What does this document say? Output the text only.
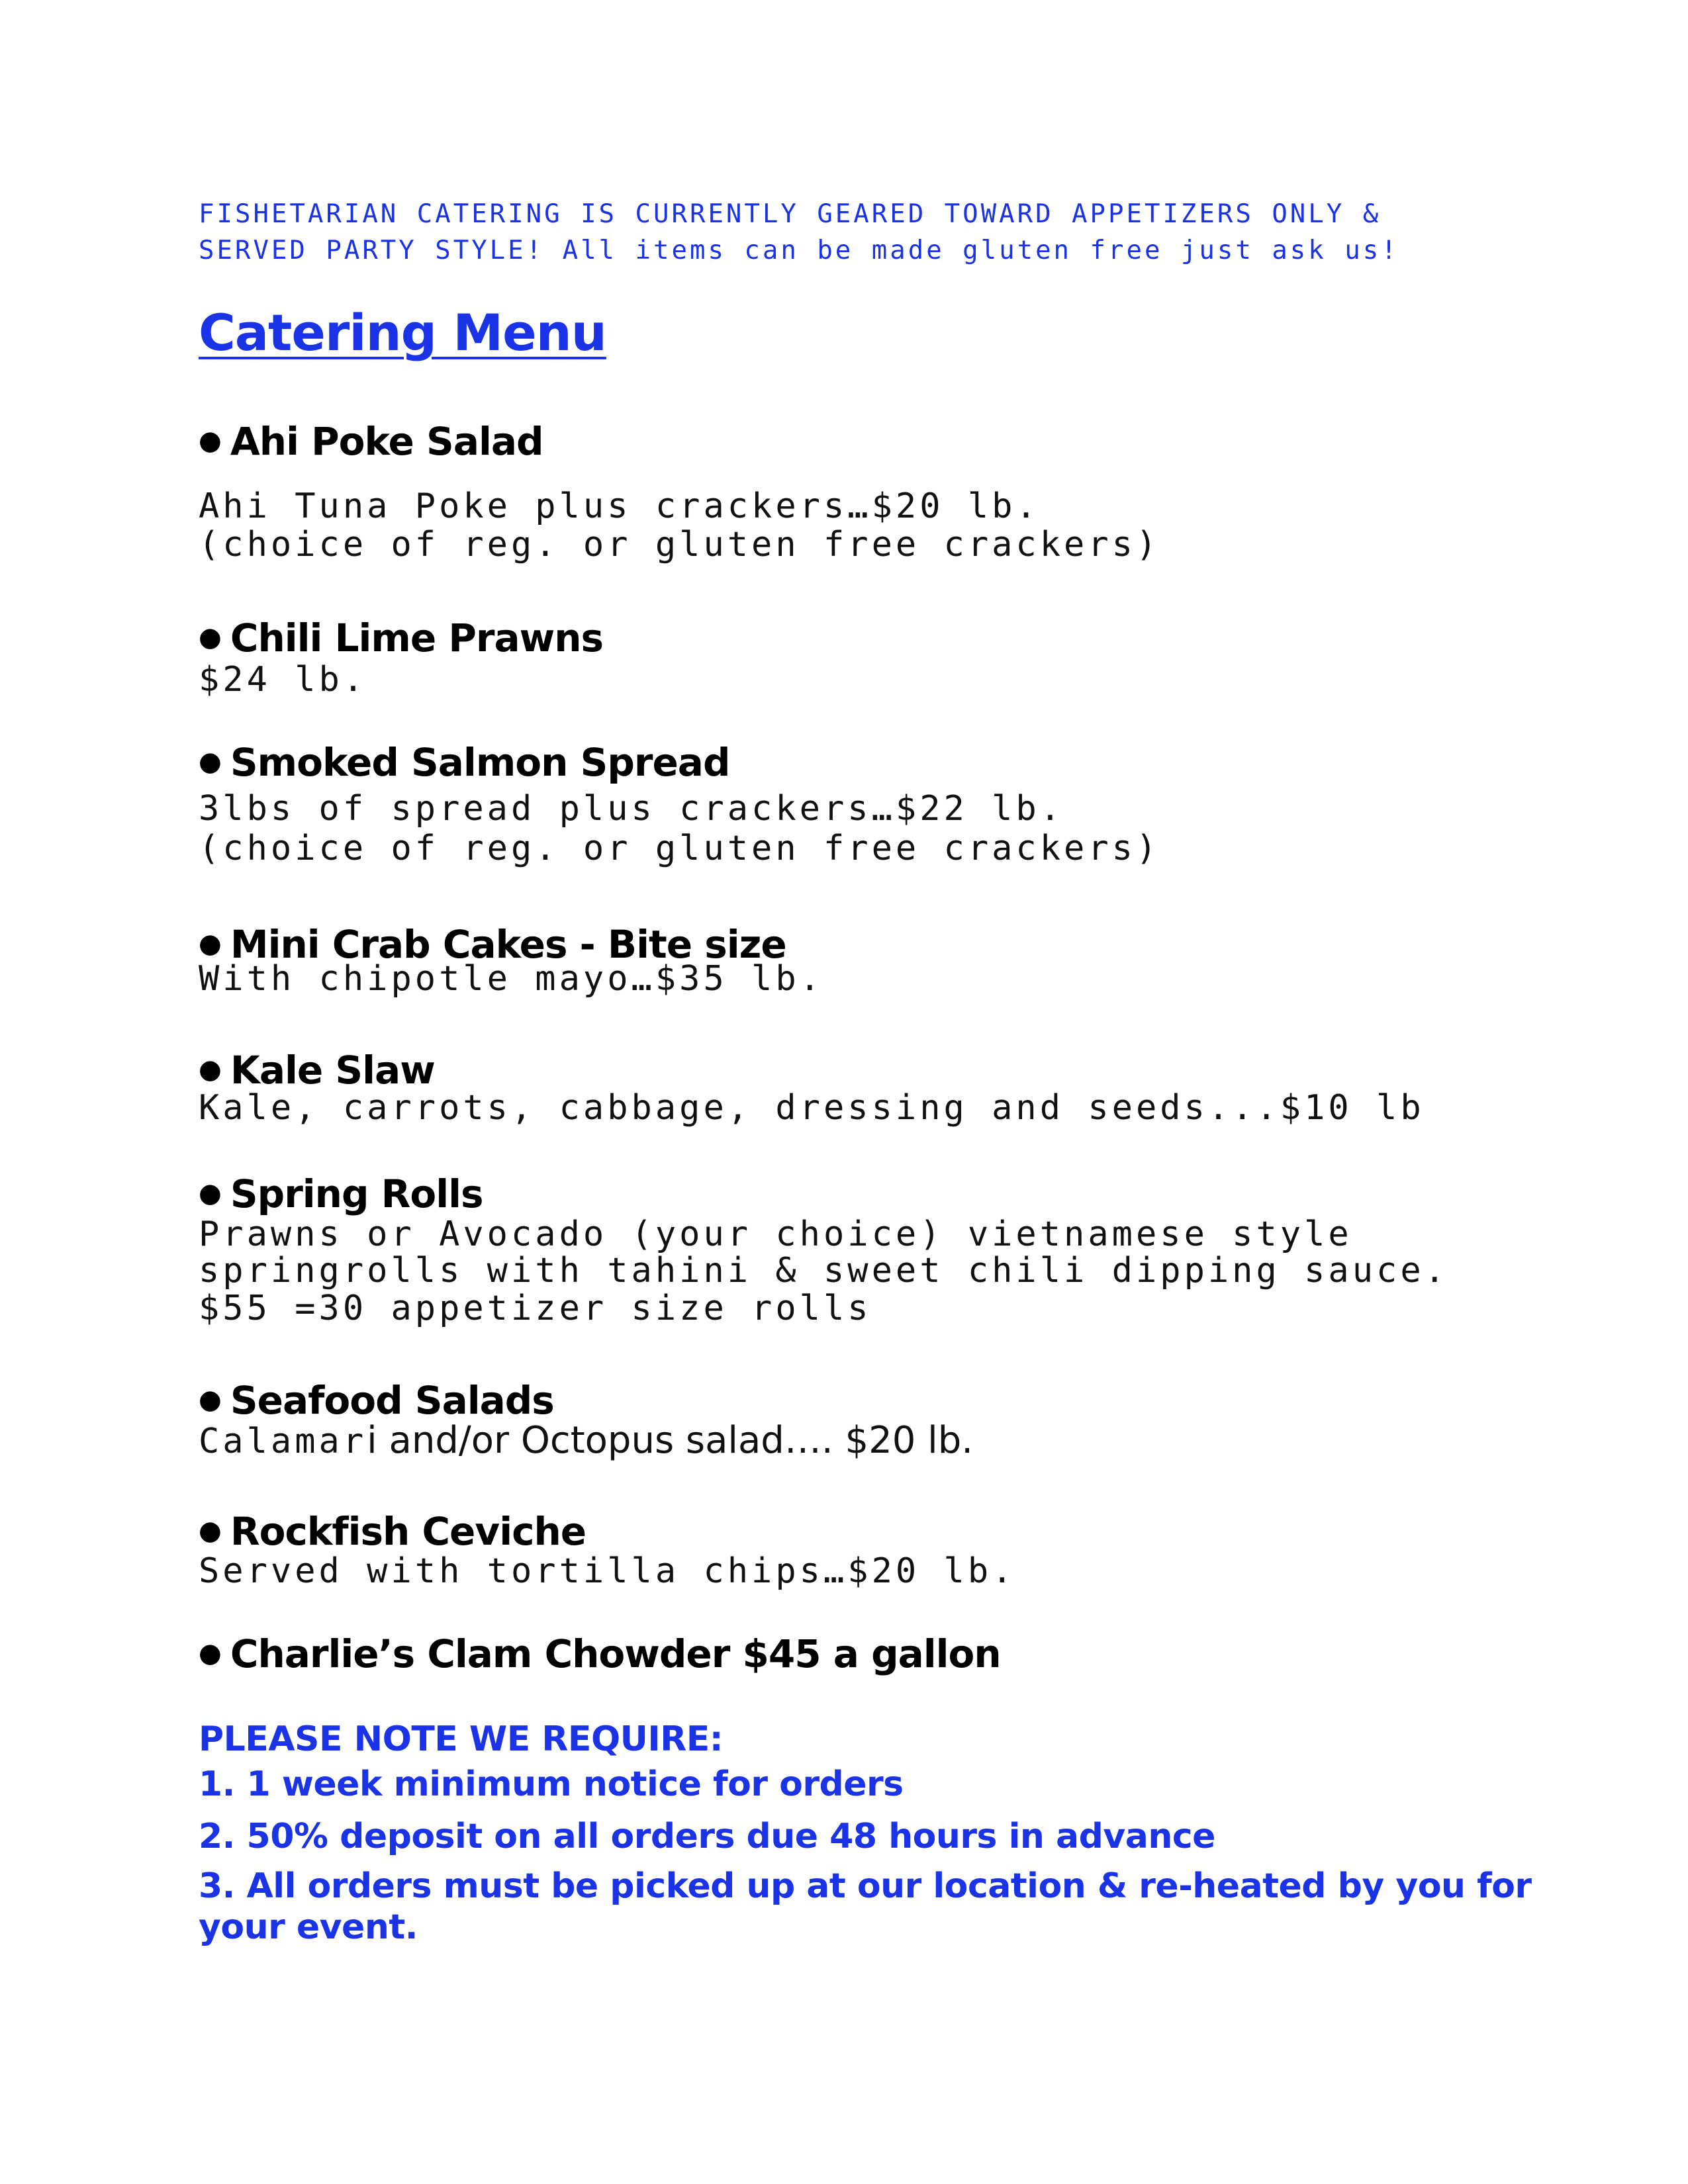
FISHETARIAN CATERING IS CURRENTLY GEARED TOWARD APPETIZERS ONLY &
SERVED PARTY STYLE! All items can be made gluten free just ask us!
Catering Menu
● Ahi Poke Salad
Ahi Tuna Poke plus crackers…$20 lb.
(choice of reg. or gluten free crackers)
● Chili Lime Prawns
$24 lb.
● Smoked Salmon Spread
3lbs of spread plus crackers…$22 lb.
(choice of reg. or gluten free crackers)
● Mini Crab Cakes - Bite size
With chipotle mayo…$35 lb.
● Kale Slaw
Kale, carrots, cabbage, dressing and seeds...$10 lb
● Spring Rolls
Prawns or Avocado (your choice) vietnamese style
springrolls with tahini & sweet chili dipping sauce.
$55 =30 appetizer size rolls
● Seafood Salads
Calamari and/or Octopus salad…. $20 lb.
● Rockfish Ceviche
Served with tortilla chips…$20 lb.
● Charlie’s Clam Chowder $45 a gallon
PLEASE NOTE WE REQUIRE:
1. 1 week minimum notice for orders
2. 50% deposit on all orders due 48 hours in advance
3. All orders must be picked up at our location & re-heated by you for
your event.
